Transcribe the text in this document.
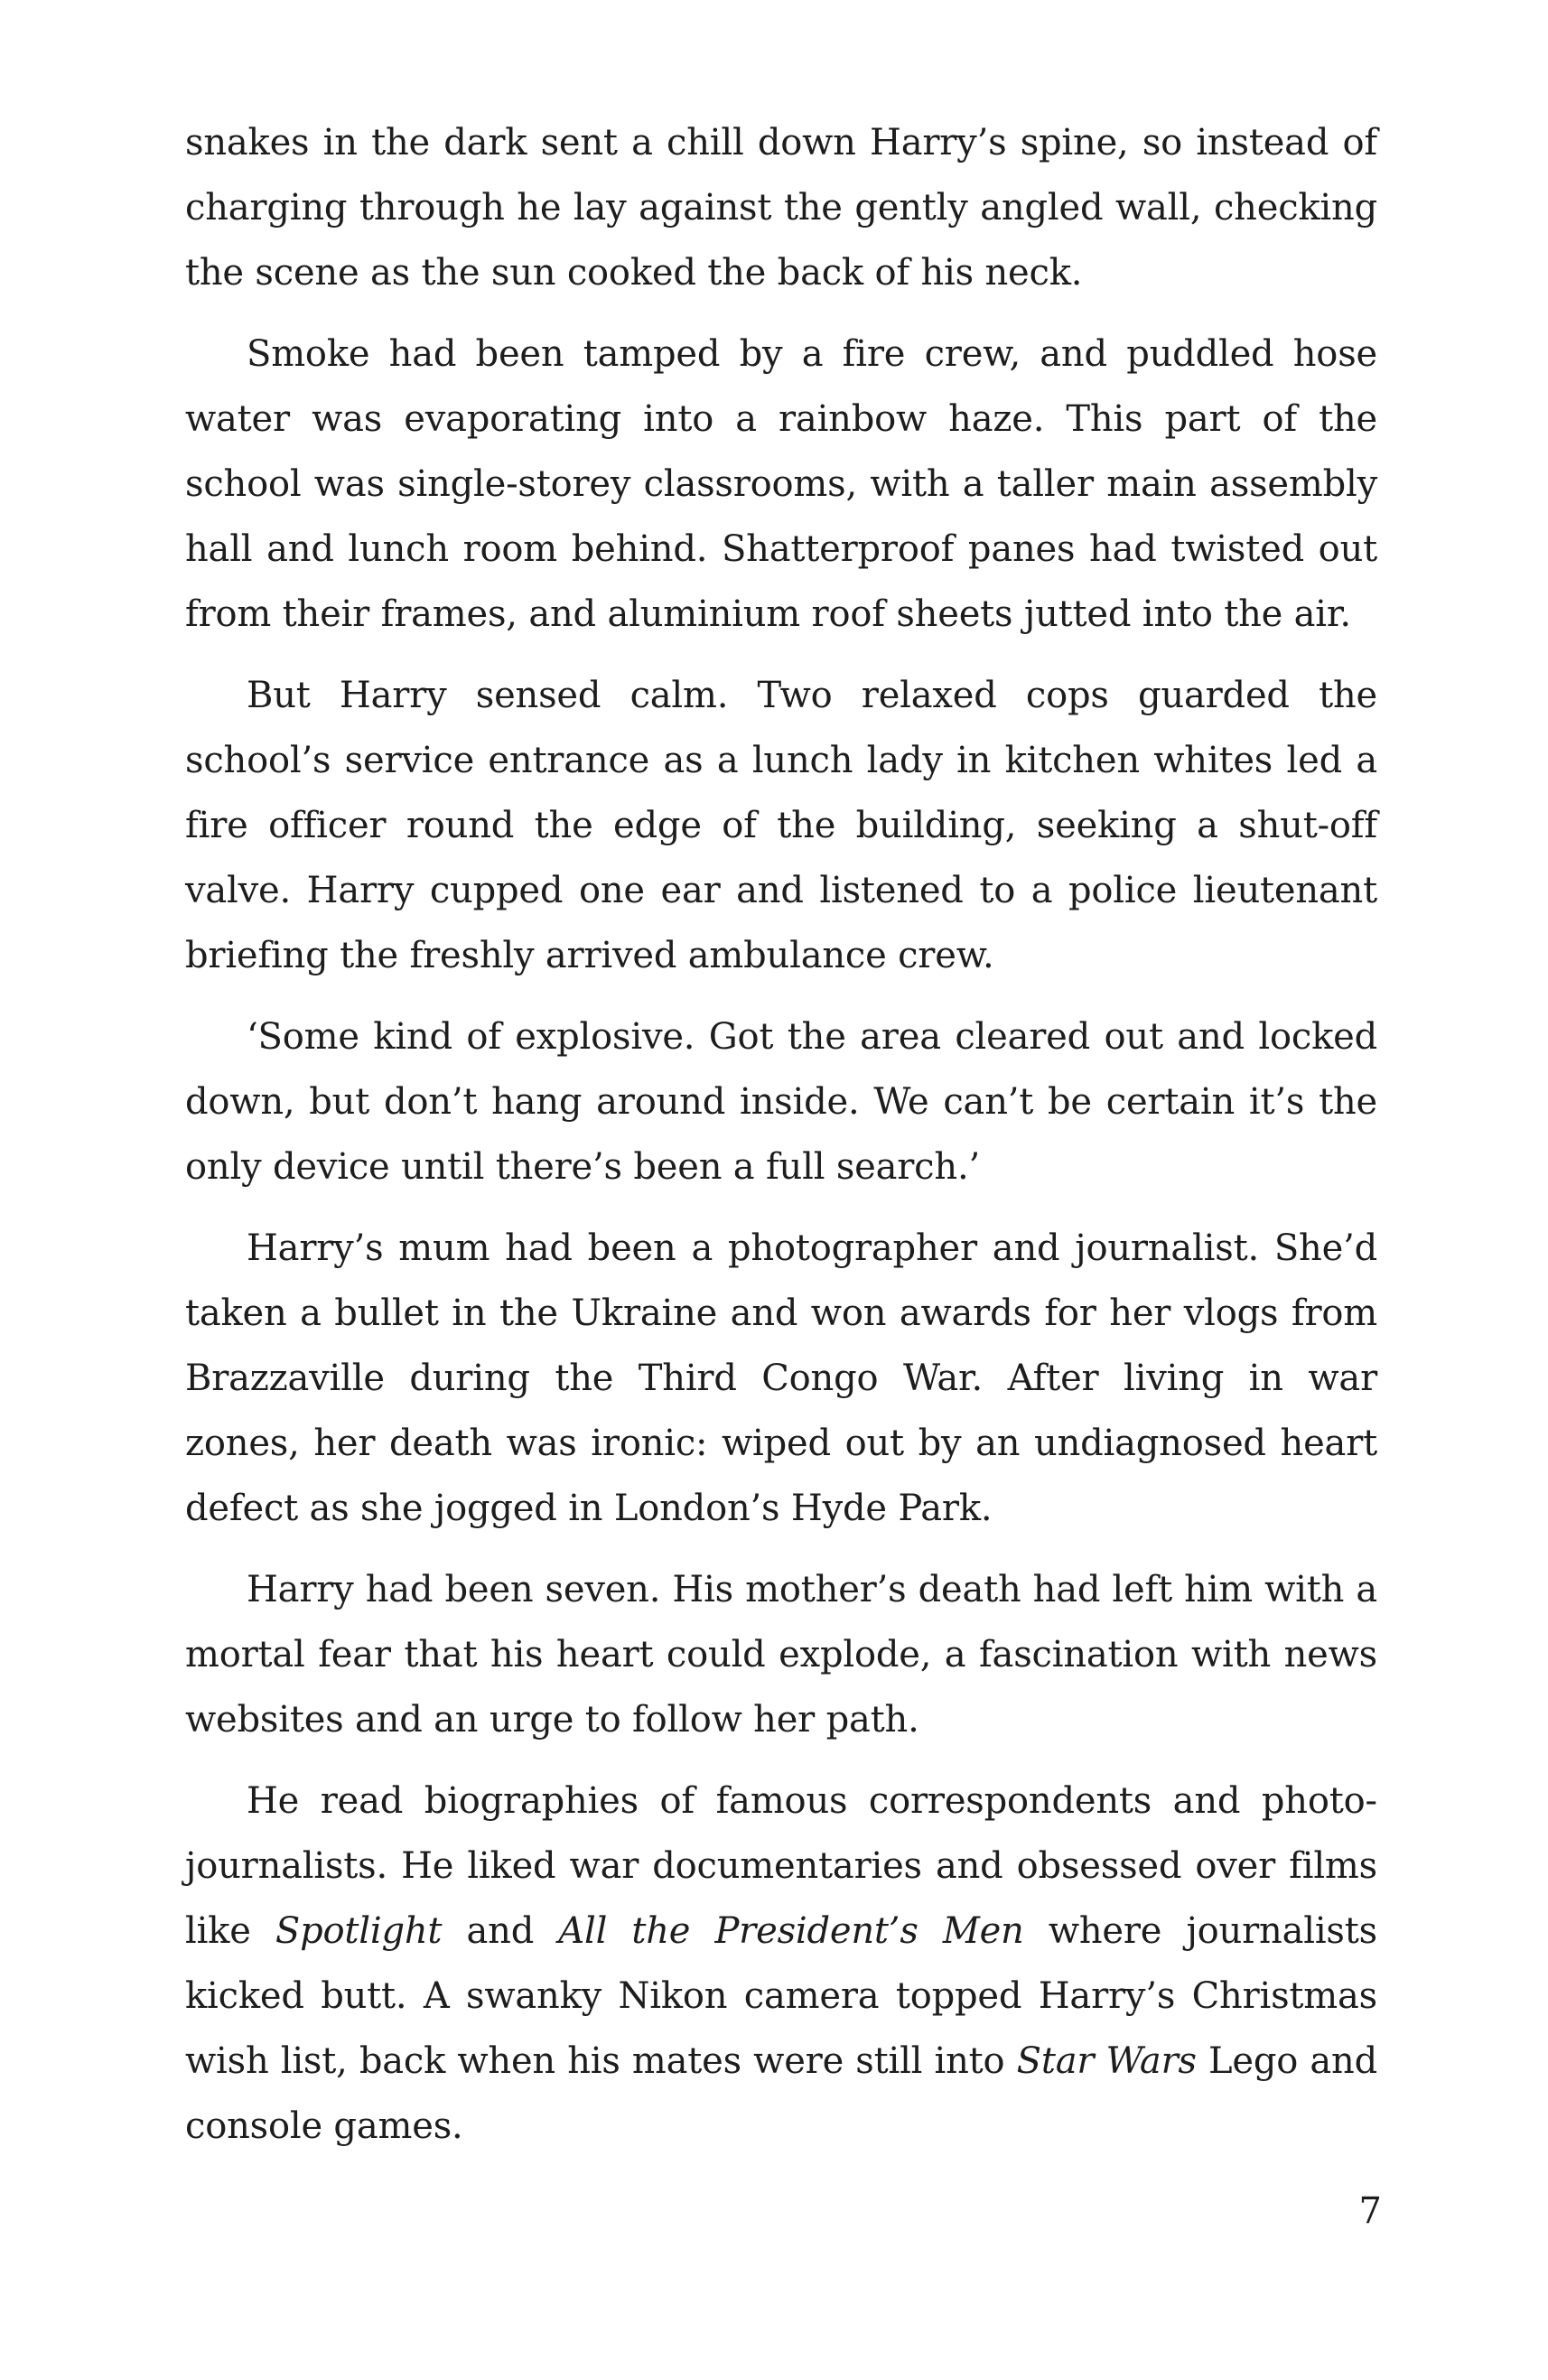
snakes in the dark sent a chill down Harry’s spine, so instead of charging through he lay against the gently angled wall, checking the scene as the sun cooked the back of his neck.

Smoke had been tamped by a fire crew, and puddled hose water was evaporating into a rainbow haze. This part of the school was single-storey classrooms, with a taller main assembly hall and lunch room behind. Shatterproof panes had twisted out from their frames, and aluminium roof sheets jutted into the air.

But Harry sensed calm. Two relaxed cops guarded the school’s service entrance as a lunch lady in kitchen whites led a fire officer round the edge of the building, seeking a shut-off valve. Harry cupped one ear and listened to a police lieutenant briefing the freshly arrived ambulance crew.

‘Some kind of explosive. Got the area cleared out and locked down, but don’t hang around inside. We can’t be certain it’s the only device until there’s been a full search.’

Harry’s mum had been a photographer and journalist. She’d taken a bullet in the Ukraine and won awards for her vlogs from Brazzaville during the Third Congo War. After living in war zones, her death was ironic: wiped out by an undiagnosed heart defect as she jogged in London’s Hyde Park.

Harry had been seven. His mother’s death had left him with a mortal fear that his heart could explode, a fascination with news websites and an urge to follow her path.

He read biographies of famous correspondents and photojournalists. He liked war documentaries and obsessed over films like Spotlight and All the President’s Men where journalists kicked butt. A swanky Nikon camera topped Harry’s Christmas wish list, back when his mates were still into Star Wars Lego and console games.

7
